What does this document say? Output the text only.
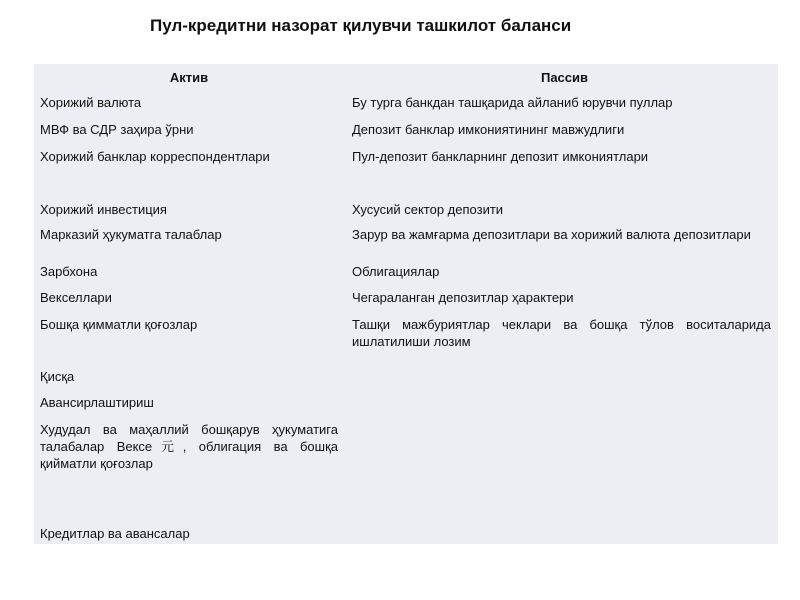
Пул-кредитни назорат қилувчи ташкилот баланси
Актив
Хорижий валюта
МВФ ва СДР заҳира ўрни
Хорижий банклар корреспондентлари
Хорижий инвестиция
Марказий ҳукуматга талаблар
Зарбхона
Векселлари
Бошқа қимматли қоғозлар
Қисқа
Авансирлаштириш
Худудал ва маҳаллий бошқарув ҳукуматига талабалар Вексе元, облигация ва бошқа қийматли қоғозлар
Кредитлар ва авансалар
Пассив
Бу турга банкдан ташқарида айланиб юрувчи пуллар
Депозит банклар имкониятининг мавжудлиги
Пул-депозит банкларнинг депозит имкониятлари
Хусусий сектор депозити
Зарур ва жамғарма депозитлари ва хорижий валюта депозитлари
Облигациялар
Чегараланган депозитлар ҳарактери
Ташқи мажбуриятлар чеклари ва бошқа тўлов воситаларида ишлатилиши лозим
